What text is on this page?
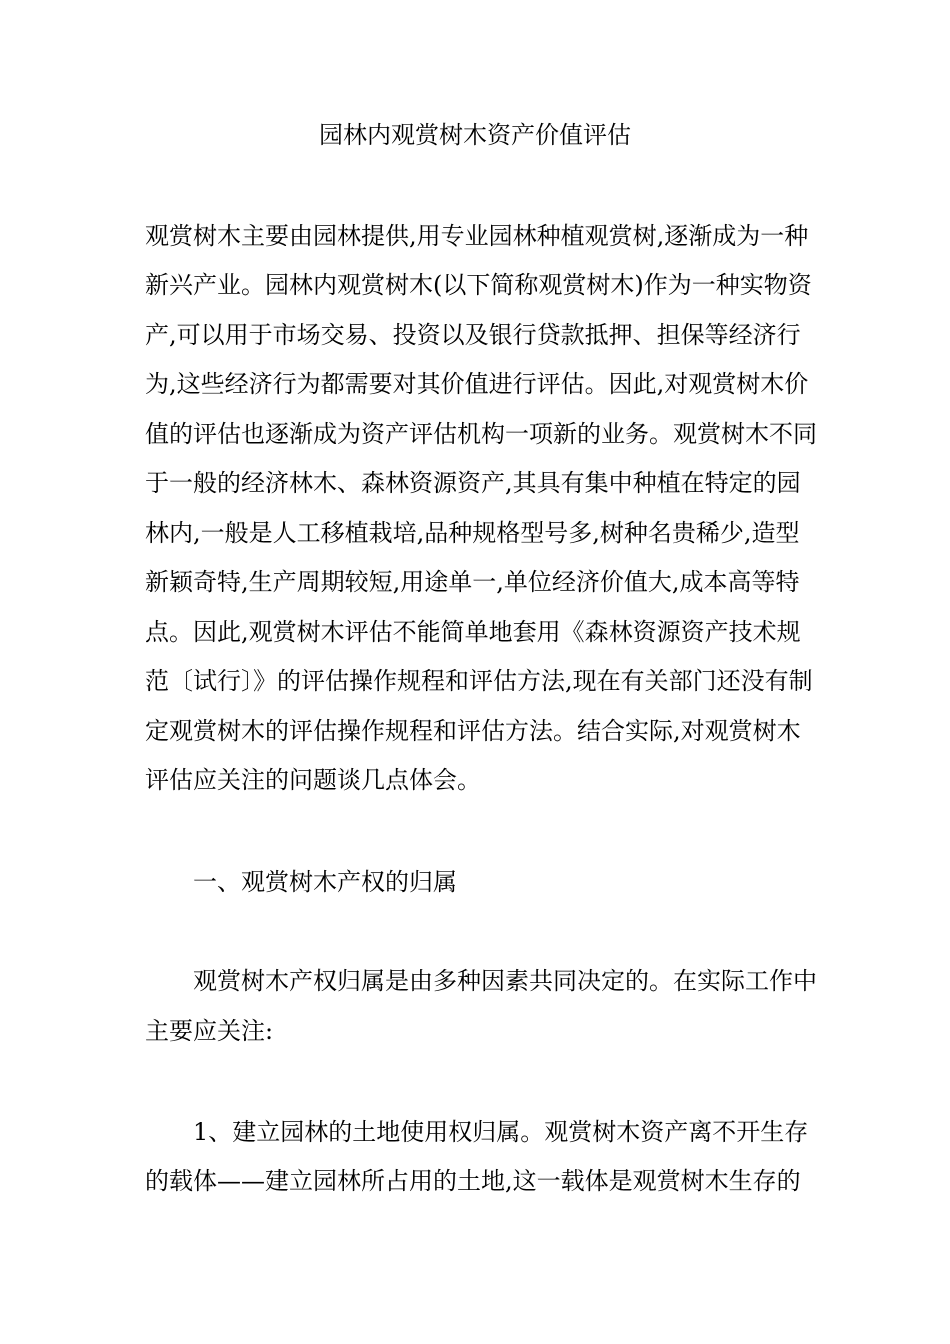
园林内观赏树木资产价值评估
观赏树木主要由园林提供,用专业园林种植观赏树,逐渐成为一种
新兴产业。园林内观赏树木(以下简称观赏树木)作为一种实物资
产,可以用于市场交易、投资以及银行贷款抵押、担保等经济行
为,这些经济行为都需要对其价值进行评估。因此,对观赏树木价
值的评估也逐渐成为资产评估机构一项新的业务。观赏树木不同
于一般的经济林木、森林资源资产,其具有集中种植在特定的园
林内,一般是人工移植栽培,品种规格型号多,树种名贵稀少,造型
新颖奇特,生产周期较短,用途单一,单位经济价值大,成本高等特
点。因此,观赏树木评估不能简单地套用《森林资源资产技术规
范〔试行〕》的评估操作规程和评估方法,现在有关部门还没有制
定观赏树木的评估操作规程和评估方法。结合实际,对观赏树木
评估应关注的问题谈几点体会。
一、观赏树木产权的归属
观赏树木产权归属是由多种因素共同决定的。在实际工作中
主要应关注:
1、建立园林的土地使用权归属。观赏树木资产离不开生存
的载体——建立园林所占用的土地,这一载体是观赏树木生存的
